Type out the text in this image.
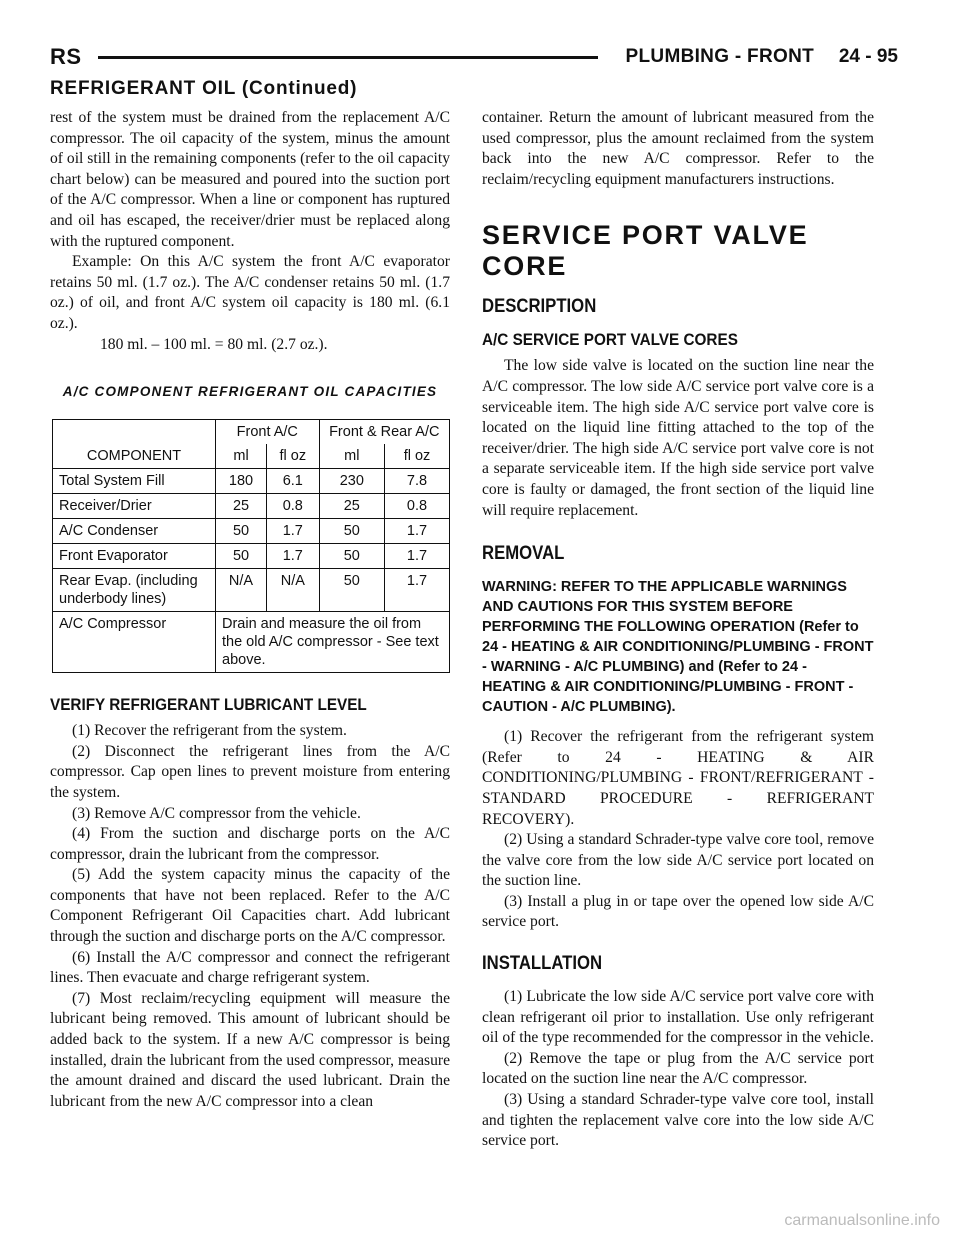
RS	PLUMBING - FRONT 24 - 95
REFRIGERANT OIL (Continued)

rest of the system must be drained from the replacement A/C compressor. The oil capacity of the system, minus the amount of oil still in the remaining components (refer to the oil capacity chart below) can be measured and poured into the suction port of the A/C compressor. When a line or component has ruptured and oil has escaped, the receiver/drier must be replaced along with the ruptured component.

Example: On this A/C system the front A/C evaporator retains 50 ml. (1.7 oz.). The A/C condenser retains 50 ml. (1.7 oz.) of oil, and front A/C system oil capacity is 180 ml. (6.1 oz.).

180 ml. – 100 ml. = 80 ml. (2.7 oz.).

A/C COMPONENT REFRIGERANT OIL CAPACITIES
	Front A/C		Front & Rear A/C	
COMPONENT	ml	fl oz	ml	fl oz
Total System Fill	180	6.1	230	7.8
Receiver/Drier	25	0.8	25	0.8
A/C Condenser	50	1.7	50	1.7
Front Evaporator	50	1.7	50	1.7
Rear Evap. (including underbody lines)	N/A	N/A	50	1.7
A/C Compressor	Drain and measure the oil from the old A/C compressor - See text above.			
VERIFY REFRIGERANT LUBRICANT LEVEL

(1) Recover the refrigerant from the system.

(2) Disconnect the refrigerant lines from the A/C compressor. Cap open lines to prevent moisture from entering the system.

(3) Remove A/C compressor from the vehicle.

(4) From the suction and discharge ports on the A/C compressor, drain the lubricant from the compressor.

(5) Add the system capacity minus the capacity of the components that have not been replaced. Refer to the A/C Component Refrigerant Oil Capacities chart. Add lubricant through the suction and discharge ports on the A/C compressor.

(6) Install the A/C compressor and connect the refrigerant lines. Then evacuate and charge refrigerant system.

(7) Most reclaim/recycling equipment will measure the lubricant being removed. This amount of lubricant should be added back to the system. If a new A/C compressor is being installed, drain the lubricant from the used compressor, measure the amount drained and discard the used lubricant. Drain the lubricant from the new A/C compressor into a clean

container. Return the amount of lubricant measured from the used compressor, plus the amount reclaimed from the system back into the new A/C compressor. Refer to the reclaim/recycling equipment manufacturers instructions.

SERVICE PORT VALVE CORE
DESCRIPTION
A/C SERVICE PORT VALVE CORES

The low side valve is located on the suction line near the A/C compressor. The low side A/C service port valve core is a serviceable item. The high side A/C service port valve core is located on the liquid line fitting attached to the top of the receiver/drier. The high side A/C service port valve core is not a separate serviceable item. If the high side service port valve core is faulty or damaged, the front section of the liquid line will require replacement.

REMOVAL

WARNING: REFER TO THE APPLICABLE WARNINGS AND CAUTIONS FOR THIS SYSTEM BEFORE PERFORMING THE FOLLOWING OPERATION (Refer to 24 - HEATING & AIR CONDITIONING/PLUMBING - FRONT - WARNING - A/C PLUMBING) and (Refer to 24 - HEATING & AIR CONDITIONING/PLUMBING - FRONT - CAUTION - A/C PLUMBING).

(1) Recover the refrigerant from the refrigerant system (Refer to 24 - HEATING & AIR CONDITIONING/PLUMBING - FRONT/REFRIGERANT - STANDARD PROCEDURE - REFRIGERANT RECOVERY).

(2) Using a standard Schrader-type valve core tool, remove the valve core from the low side A/C service port located on the suction line.

(3) Install a plug in or tape over the opened low side A/C service port.

INSTALLATION

(1) Lubricate the low side A/C service port valve core with clean refrigerant oil prior to installation. Use only refrigerant oil of the type recommended for the compressor in the vehicle.

(2) Remove the tape or plug from the A/C service port located on the suction line near the A/C compressor.

(3) Using a standard Schrader-type valve core tool, install and tighten the replacement valve core into the low side A/C service port.

carmanualsonline.info
